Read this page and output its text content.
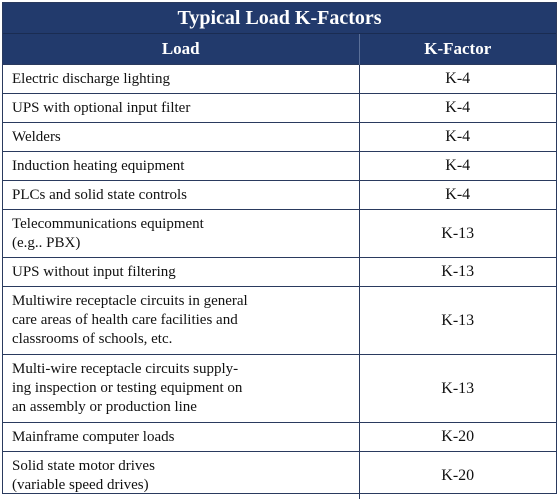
Typical Load K-Factors	
Load	K-Factor
Electric discharge lighting	K-4
UPS with optional input filter	K-4
Welders	K-4
Induction heating equipment	K-4
PLCs and solid state controls	K-4
Telecommunications equipment
(e.g.. PBX)	K-13
UPS without input filtering	K-13
Multiwire receptacle circuits in general
care areas of health care facilities and
classrooms of schools, etc.	K-13
Multi-wire receptacle circuits supply-
ing inspection or testing equipment on
an assembly or production line	K-13
Mainframe computer loads	K-20
Solid state motor drives
(variable speed drives)	K-20
